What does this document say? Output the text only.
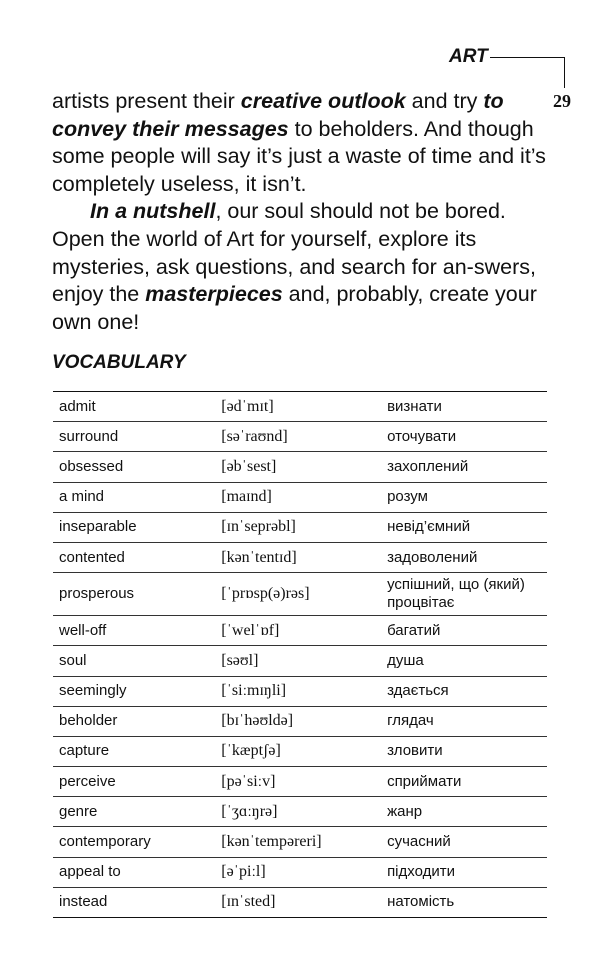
ART
29

artists present their creative outlook and try to convey their messages to beholders. And though some people will say it’s just a waste of time and it’s completely useless, it isn’t.

In a nutshell, our soul should not be bored. Open the world of Art for yourself, explore its mysteries, ask questions, and search for an-swers, enjoy the masterpieces and, probably, create your own one!

VOCABULARY
admit	[ədˈmɪt]	визнати
surround	[səˈraʊnd]	оточувати
obsessed	[əbˈsest]	захоплений
a mind	[maɪnd]	розум
inseparable	[ɪnˈseprəbl]	невід’ємний
contented	[kənˈtentɪd]	задоволений
prosperous	[ˈprɒsp(ə)rəs]	успішний, що (який) процвітає
well-off	[ˈwelˈɒf]	багатий
soul	[səʊl]	душа
seemingly	[ˈsiːmɪŋli]	здається
beholder	[bɪˈhəʊldə]	глядач
capture	[ˈkæptʃə]	зловити
perceive	[pəˈsiːv]	сприймати
genre	[ˈʒɑːŋrə]	жанр
contemporary	[kənˈtempəreri]	сучасний
appeal to	[əˈpiːl]	підходити
instead	[ɪnˈsted]	натомість
